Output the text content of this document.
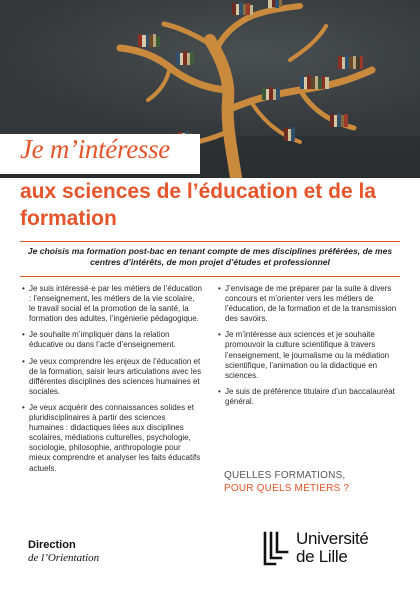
Je m’intéresse
aux sciences de l’éducation et de la formation
Je choisis ma formation post-bac en tenant compte de mes disciplines préférées, de mes centres d’intérêts, de mon projet d’études et professionnel
• Je suis intéressé·e par les métiers de l’éducation : l’enseignement, les métiers de la vie scolaire, le travail social et la promotion de la santé, la formation des adultes, l’ingénierie pédagogique.
• Je souhaite m’impliquer dans la relation éducative ou dans l’acte d’enseignement.
• Je veux comprendre les enjeux de l’éducation et de la formation, saisir leurs articulations avec les différentes disciplines des sciences humaines et sociales.
• Je veux acquérir des connaissances solides et pluridisciplinaires à partir des sciences humaines : didactiques liées aux disciplines scolaires, médiations culturelles, psychologie, sociologie, philosophie, anthropologie pour mieux comprendre et analyser les faits éducatifs actuels.
• J’envisage de me préparer par la suite à divers concours et m’orienter vers les métiers de l’éducation, de la formation et de la transmission des savoirs.
• Je m’intéresse aux sciences et je souhaite promouvoir la culture scientifique à travers l’enseignement, le journalisme ou la médiation scientifique, l’animation ou la didactique en sciences.
• Je suis de préférence titulaire d’un baccalauréat général.
QUELLES FORMATIONS,
POUR QUELS MÉTIERS ?
Direction
de l’Orientation
Université
de Lille
